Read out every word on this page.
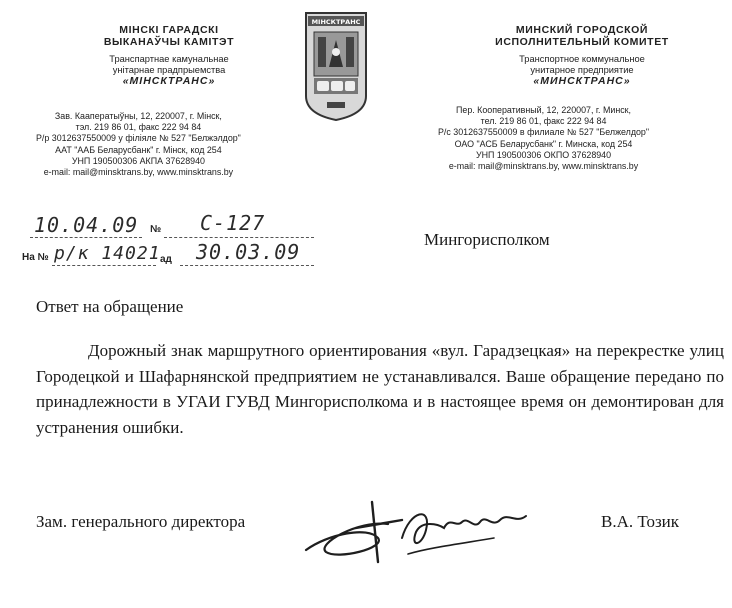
МІНСКІ ГАРАДСКІ
ВЫКАНАЎЧЫ КАМІТЭТ
Транспартнае камунальнае
унітарнае прадпрыемства
«МІНСКТРАНС»
МІНСКТРАНС
МИНСКИЙ ГОРОДСКОЙ
ИСПОЛНИТЕЛЬНЫЙ КОМИТЕТ
Транспортное коммунальное
унитарное предприятие
«МИНСКТРАНС»
Зав. Кааператыўны, 12, 220007, г. Мінск,
тэл. 219 86 01, факс 222 94 84
Р/р 3012637550009 у філіяле № 527 "Белжэлдор"

ААТ "ААБ Беларусбанк" г. Мінск, код 254
УНП 190500306 АКПА 37628940
e-mail: mail@minsktrans.by, www.minsktrans.by
Пер. Кооперативный, 12, 220007, г. Минск,
тел. 219 86 01, факс 222 94 84
Р/с 3012637550009 в филиале № 527 "Белжелдор"

ОАО "АСБ Беларусбанк" г. Минска, код 254
УНП 190500306 ОКПО 37628940
e-mail: mail@minsktrans.by, www.minsktrans.by
10.04.09 № С-127
На № р/к 14021 ад 30.03.09
Мингорисполком
Ответ на обращение
Дорожный знак маршрутного ориентирования «вул. Гарадзецкая» на перекрестке улиц Городецкой и Шафарнянской предприятием не устанавливался. Ваше обращение передано по принадлежности в УГАИ ГУВД Мингорисполкома и в настоящее время он демонтирован для устранения ошибки.
Зам. генерального директора	В.А. Тозик
